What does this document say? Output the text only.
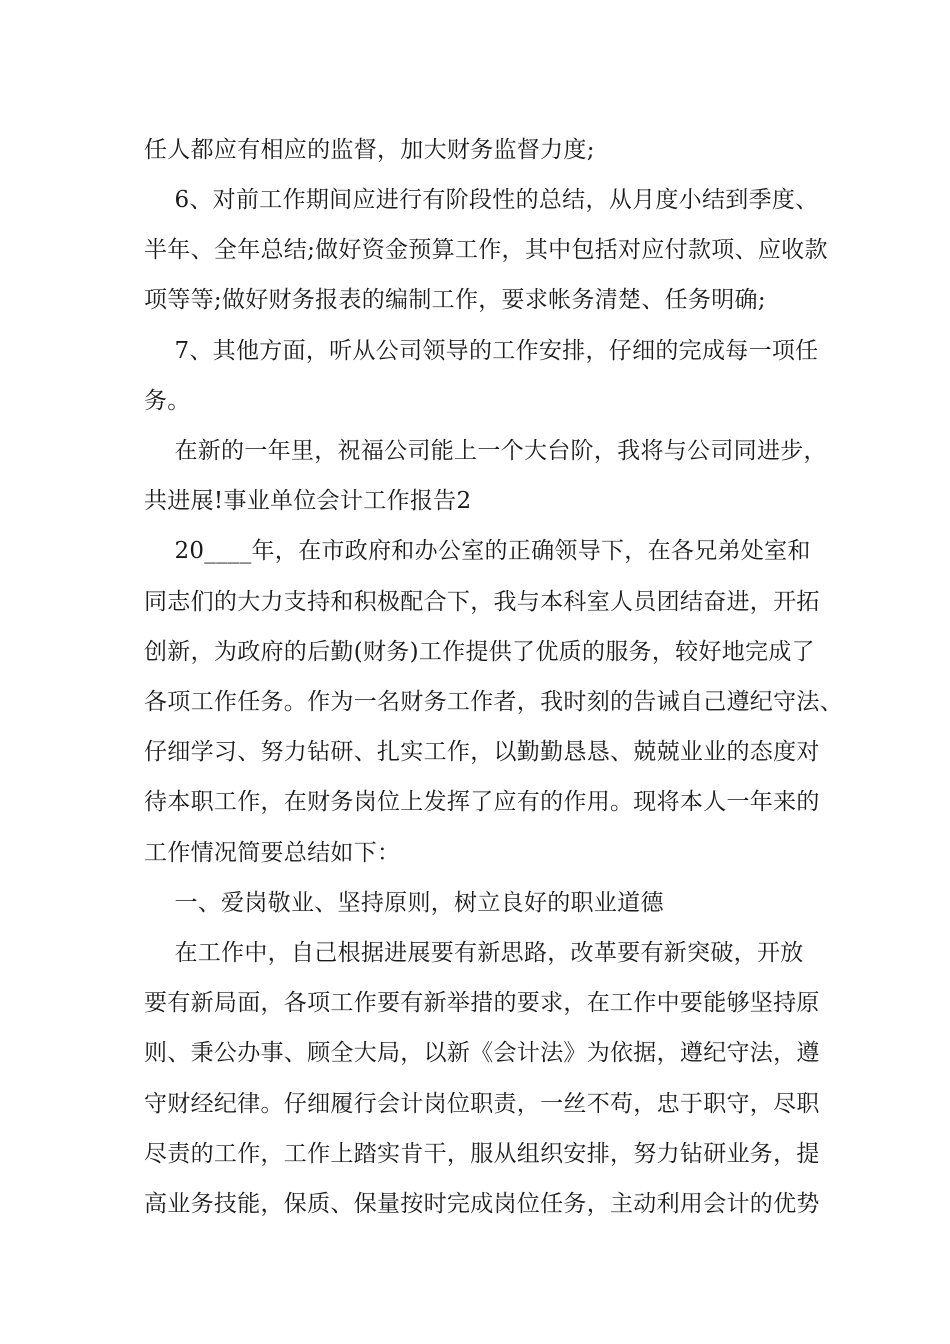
任人都应有相应的监督，加大财务监督力度;
6、对前工作期间应进行有阶段性的总结，从月度小结到季度、
半年、全年总结;做好资金预算工作，其中包括对应付款项、应收款
项等等;做好财务报表的编制工作，要求帐务清楚、任务明确;
7、其他方面，听从公司领导的工作安排，仔细的完成每一项任
务。
在新的一年里，祝福公司能上一个大台阶，我将与公司同进步，
共进展!事业单位会计工作报告2
20____年，在市政府和办公室的正确领导下，在各兄弟处室和
同志们的大力支持和积极配合下，我与本科室人员团结奋进，开拓
创新，为政府的后勤(财务)工作提供了优质的服务，较好地完成了
各项工作任务。作为一名财务工作者，我时刻的告诫自己遵纪守法、
仔细学习、努力钻研、扎实工作，以勤勤恳恳、兢兢业业的态度对
待本职工作，在财务岗位上发挥了应有的作用。现将本人一年来的
工作情况简要总结如下：
一、爱岗敬业、坚持原则，树立良好的职业道德
在工作中，自己根据进展要有新思路，改革要有新突破，开放
要有新局面，各项工作要有新举措的要求，在工作中要能够坚持原
则、秉公办事、顾全大局，以新《会计法》为依据，遵纪守法，遵
守财经纪律。仔细履行会计岗位职责，一丝不苟，忠于职守，尽职
尽责的工作，工作上踏实肯干，服从组织安排，努力钻研业务，提
高业务技能，保质、保量按时完成岗位任务，主动利用会计的优势
